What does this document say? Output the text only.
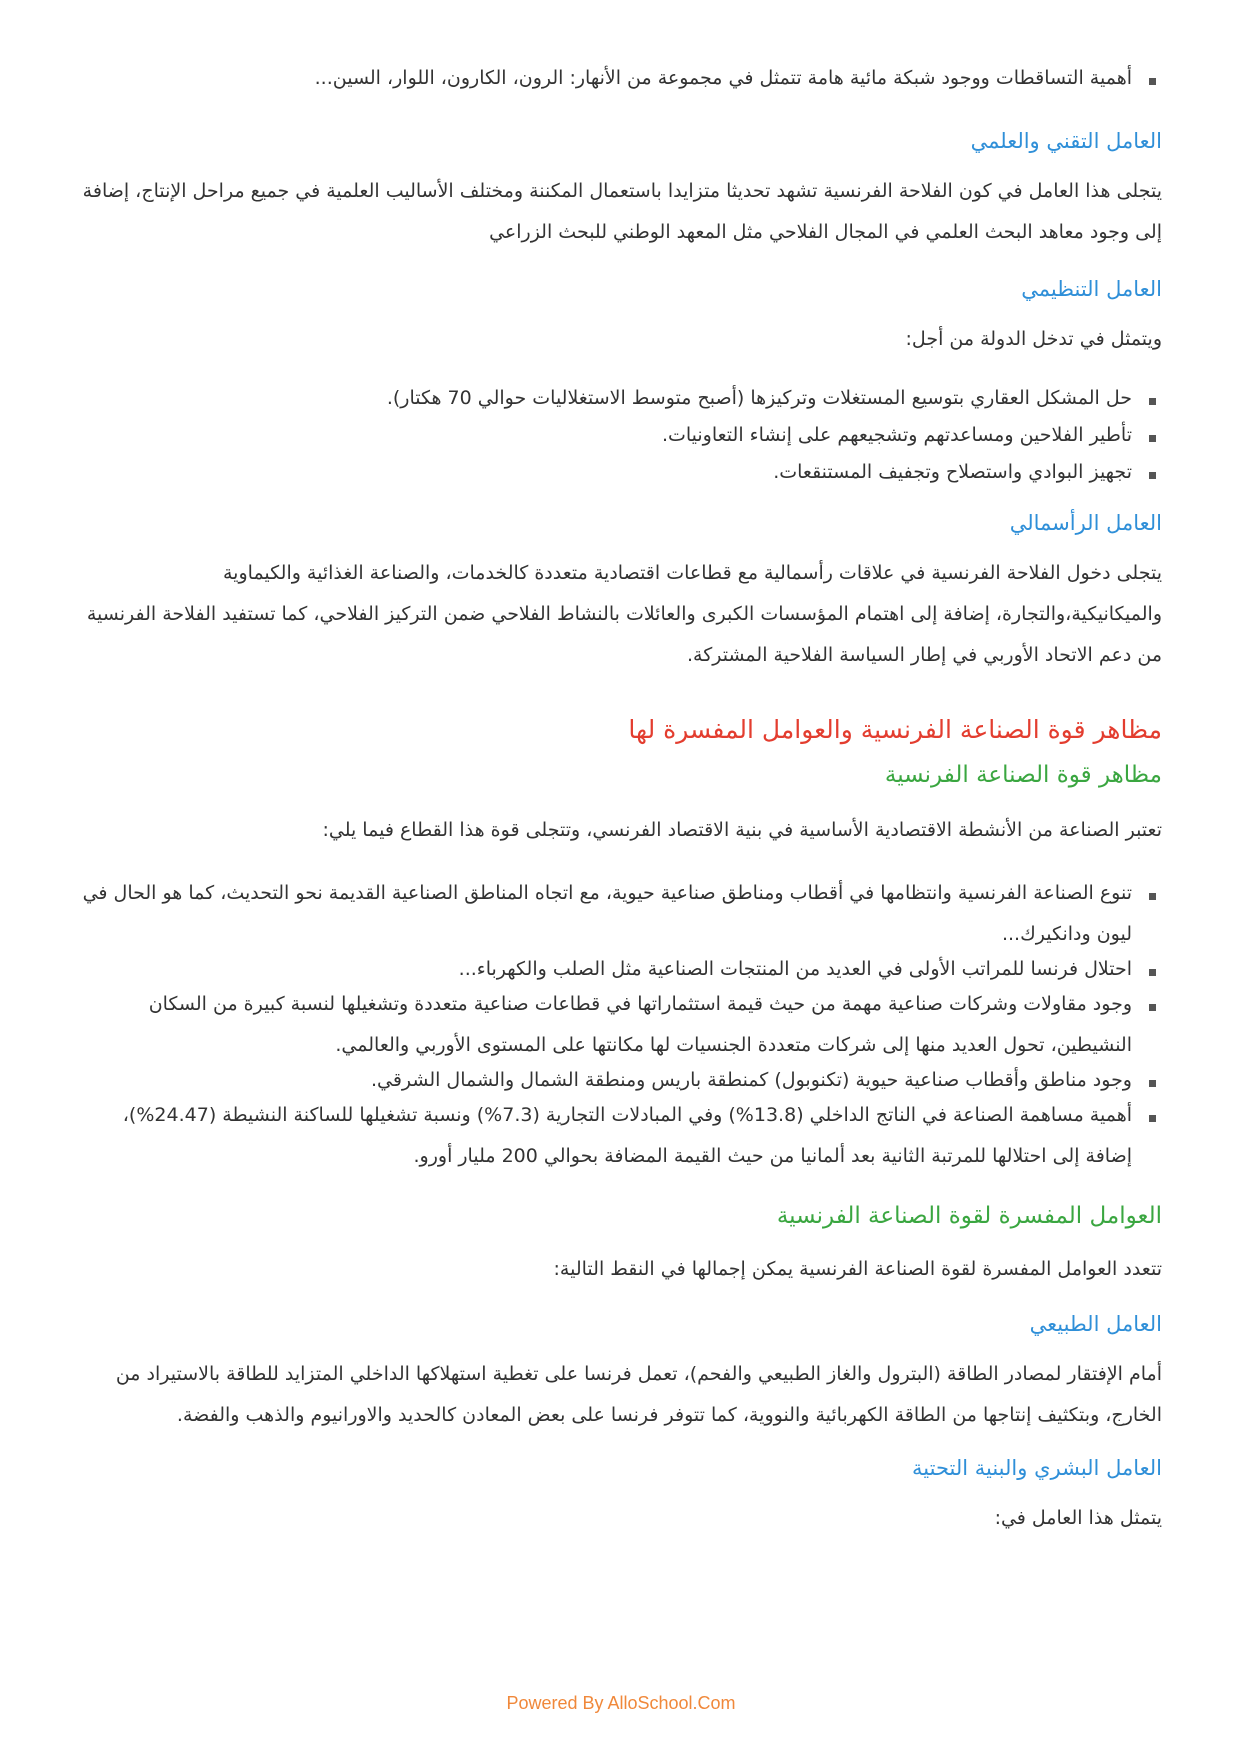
أهمية التساقطات ووجود شبكة مائية هامة تتمثل في مجموعة من الأنهار: الرون، الكارون، اللوار، السين...
العامل التقني والعلمي

يتجلى هذا العامل في كون الفلاحة الفرنسية تشهد تحديثا متزايدا باستعمال المكننة ومختلف الأساليب العلمية في جميع مراحل الإنتاج، إضافة إلى وجود معاهد البحث العلمي في المجال الفلاحي مثل المعهد الوطني للبحث الزراعي

العامل التنظيمي

ويتمثل في تدخل الدولة من أجل:

حل المشكل العقاري بتوسيع المستغلات وتركيزها (أصبح متوسط الاستغلاليات حوالي 70 هكتار).
تأطير الفلاحين ومساعدتهم وتشجيعهم على إنشاء التعاونيات.
تجهيز البوادي واستصلاح وتجفيف المستنقعات.
العامل الرأسمالي

يتجلى دخول الفلاحة الفرنسية في علاقات رأسمالية مع قطاعات اقتصادية متعددة كالخدمات، والصناعة الغذائية والكيماوية والميكانيكية،والتجارة، إضافة إلى اهتمام المؤسسات الكبرى والعائلات بالنشاط الفلاحي ضمن التركيز الفلاحي، كما تستفيد الفلاحة الفرنسية من دعم الاتحاد الأوربي في إطار السياسة الفلاحية المشتركة.

مظاهر قوة الصناعة الفرنسية والعوامل المفسرة لها
مظاهر قوة الصناعة الفرنسية

تعتبر الصناعة من الأنشطة الاقتصادية الأساسية في بنية الاقتصاد الفرنسي، وتتجلى قوة هذا القطاع فيما يلي:

تنوع الصناعة الفرنسية وانتظامها في أقطاب ومناطق صناعية حيوية، مع اتجاه المناطق الصناعية القديمة نحو التحديث، كما هو الحال في ليون ودانكيرك...
احتلال فرنسا للمراتب الأولى في العديد من المنتجات الصناعية مثل الصلب والكهرباء...
وجود مقاولات وشركات صناعية مهمة من حيث قيمة استثماراتها في قطاعات صناعية متعددة وتشغيلها لنسبة كبيرة من السكان النشيطين، تحول العديد منها إلى شركات متعددة الجنسيات لها مكانتها على المستوى الأوربي والعالمي.
وجود مناطق وأقطاب صناعية حيوية (تكنوبول) كمنطقة باريس ومنطقة الشمال والشمال الشرقي.
أهمية مساهمة الصناعة في الناتج الداخلي (13.8%) وفي المبادلات التجارية (7.3%) ونسبة تشغيلها للساكنة النشيطة (24.47%)، إضافة إلى احتلالها للمرتبة الثانية بعد ألمانيا من حيث القيمة المضافة بحوالي 200 مليار أورو.
العوامل المفسرة لقوة الصناعة الفرنسية

تتعدد العوامل المفسرة لقوة الصناعة الفرنسية يمكن إجمالها في النقط التالية:

العامل الطبيعي

أمام الإفتقار لمصادر الطاقة (البترول والغاز الطبيعي والفحم)، تعمل فرنسا على تغطية استهلاكها الداخلي المتزايد للطاقة بالاستيراد من الخارج، وبتكثيف إنتاجها من الطاقة الكهربائية والنووية، كما تتوفر فرنسا على بعض المعادن كالحديد والاورانيوم والذهب والفضة.

العامل البشري والبنية التحتية

يتمثل هذا العامل في:

Powered By AlloSchool.Com
